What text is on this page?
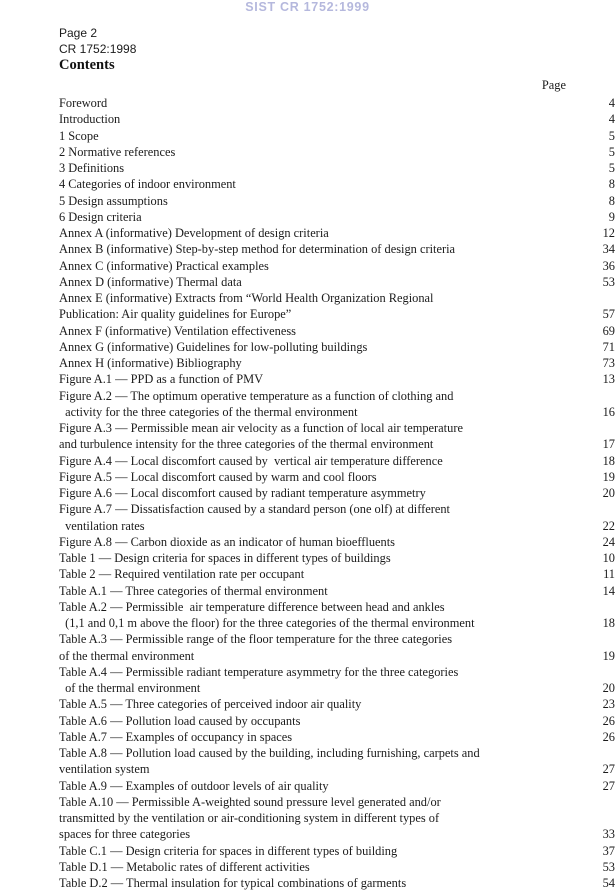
SIST CR 1752:1999
Page 2
CR 1752:1998
Contents
Page
Foreword	4
Introduction	4
1 Scope	5
2 Normative references	5
3 Definitions	5
4 Categories of indoor environment	8
5 Design assumptions	8
6 Design criteria	9
Annex A (informative) Development of design criteria	12
Annex B (informative) Step-by-step method for determination of design criteria	34
Annex C (informative) Practical examples	36
Annex D (informative) Thermal data	53
Annex E (informative) Extracts from “World Health Organization Regional
Publication: Air quality guidelines for Europe”	57
Annex F (informative) Ventilation effectiveness	69
Annex G (informative) Guidelines for low-polluting buildings	71
Annex H (informative) Bibliography	73
Figure A.1 — PPD as a function of PMV	13
Figure A.2 — The optimum operative temperature as a function of clothing and
activity for the three categories of the thermal environment	16
Figure A.3 — Permissible mean air velocity as a function of local air temperature
and turbulence intensity for the three categories of the thermal environment	17
Figure A.4 — Local discomfort caused by  vertical air temperature difference	18
Figure A.5 — Local discomfort caused by warm and cool floors	19
Figure A.6 — Local discomfort caused by radiant temperature asymmetry	20
Figure A.7 — Dissatisfaction caused by a standard person (one olf) at different
ventilation rates	22
Figure A.8 — Carbon dioxide as an indicator of human bioeffluents	24
Table 1 — Design criteria for spaces in different types of buildings	10
Table 2 — Required ventilation rate per occupant	11
Table A.1 — Three categories of thermal environment	14
Table A.2 — Permissible  air temperature difference between head and ankles
(1,1 and 0,1 m above the floor) for the three categories of the thermal environment	18
Table A.3 — Permissible range of the floor temperature for the three categories
of the thermal environment	19
Table A.4 — Permissible radiant temperature asymmetry for the three categories
of the thermal environment	20
Table A.5 — Three categories of perceived indoor air quality	23
Table A.6 — Pollution load caused by occupants	26
Table A.7 — Examples of occupancy in spaces	26
Table A.8 — Pollution load caused by the building, including furnishing, carpets and
ventilation system	27
Table A.9 — Examples of outdoor levels of air quality	27
Table A.10 — Permissible A-weighted sound pressure level generated and/or
transmitted by the ventilation or air-conditioning system in different types of
spaces for three categories	33
Table C.1 — Design criteria for spaces in different types of building	37
Table D.1 — Metabolic rates of different activities	53
Table D.2 — Thermal insulation for typical combinations of garments	54
